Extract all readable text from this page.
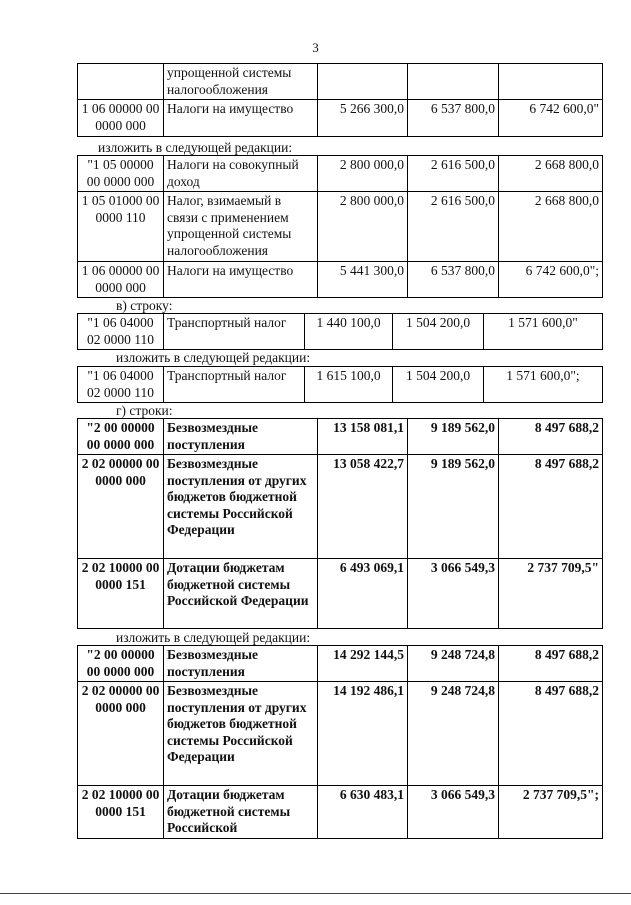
3
	упрощенной системы налогообложения			
1 06 00000 00 0000 000	Налоги на имущество	5 266 300,0	6 537 800,0	6 742 600,0"
изложить в следующей редакции:
"1 05 00000 00 0000 000	Налоги на совокупный доход	2 800 000,0	2 616 500,0	2 668 800,0
1 05 01000 00 0000 110	Налог, взимаемый в связи с применением упрощенной системы налогообложения	2 800 000,0	2 616 500,0	2 668 800,0
1 06 00000 00 0000 000	Налоги на имущество	5 441 300,0	6 537 800,0	6 742 600,0";
в) строку:
"1 06 04000 02 0000 110	Транспортный налог	1 440 100,0	1 504 200,0	1 571 600,0"
изложить в следующей редакции:
"1 06 04000 02 0000 110	Транспортный налог	1 615 100,0	1 504 200,0	1 571 600,0";
г) строки:
"2 00 00000 00 0000 000	Безвозмездные поступления	13 158 081,1	9 189 562,0	8 497 688,2
2 02 00000 00 0000 000	Безвозмездные поступления от других бюджетов бюджетной системы Российской Федерации	13 058 422,7	9 189 562,0	8 497 688,2
2 02 10000 00 0000 151	Дотации бюджетам бюджетной системы Российской Федерации	6 493 069,1	3 066 549,3	2 737 709,5"
изложить в следующей редакции:
"2 00 00000 00 0000 000	Безвозмездные поступления	14 292 144,5	9 248 724,8	8 497 688,2
2 02 00000 00 0000 000	Безвозмездные поступления от других бюджетов бюджетной системы Российской Федерации	14 192 486,1	9 248 724,8	8 497 688,2
2 02 10000 00 0000 151	Дотации бюджетам бюджетной системы Российской	6 630 483,1	3 066 549,3	2 737 709,5";
